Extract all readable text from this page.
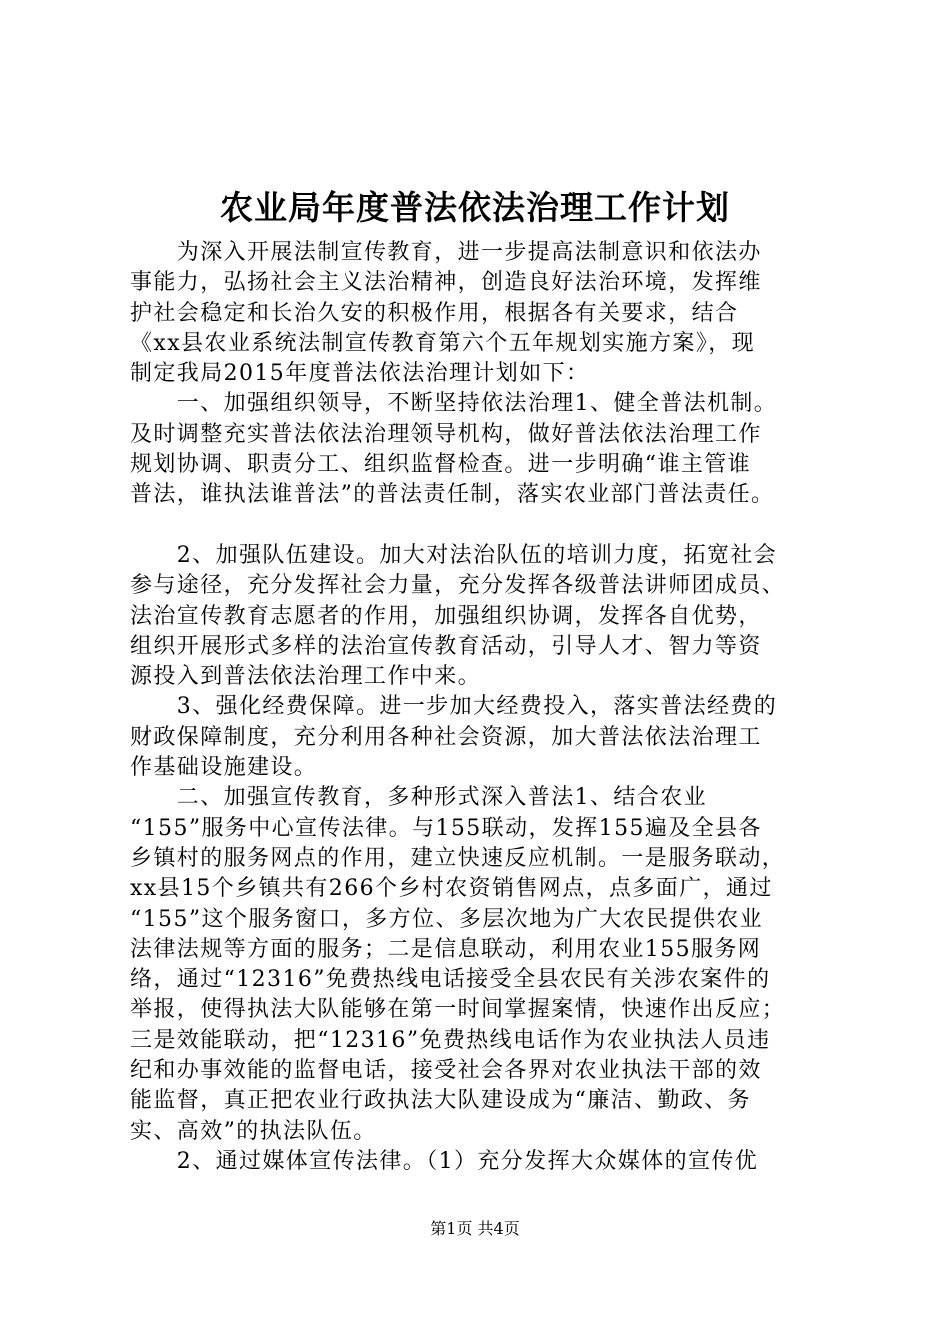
农业局年度普法依法治理工作计划
　　为深入开展法制宣传教育，进一步提高法制意识和依法办
事能力，弘扬社会主义法治精神，创造良好法治环境，发挥维
护社会稳定和长治久安的积极作用，根据各有关要求，结合
《xx县农业系统法制宣传教育第六个五年规划实施方案》，现
制定我局2015年度普法依法治理计划如下：
　　一、加强组织领导，不断坚持依法治理1、健全普法机制。
及时调整充实普法依法治理领导机构，做好普法依法治理工作
规划协调、职责分工、组织监督检查。进一步明确“谁主管谁
普法，谁执法谁普法”的普法责任制，落实农业部门普法责任。
　　2、加强队伍建设。加大对法治队伍的培训力度，拓宽社会
参与途径，充分发挥社会力量，充分发挥各级普法讲师团成员、
法治宣传教育志愿者的作用，加强组织协调，发挥各自优势，
组织开展形式多样的法治宣传教育活动，引导人才、智力等资
源投入到普法依法治理工作中来。
　　3、强化经费保障。进一步加大经费投入，落实普法经费的
财政保障制度，充分利用各种社会资源，加大普法依法治理工
作基础设施建设。
　　二、加强宣传教育，多种形式深入普法1、结合农业
“155”服务中心宣传法律。与155联动，发挥155遍及全县各
乡镇村的服务网点的作用，建立快速反应机制。一是服务联动，
xx县15个乡镇共有266个乡村农资销售网点，点多面广，通过
“155”这个服务窗口，多方位、多层次地为广大农民提供农业
法律法规等方面的服务；二是信息联动，利用农业155服务网
络，通过“12316”免费热线电话接受全县农民有关涉农案件的
举报，使得执法大队能够在第一时间掌握案情，快速作出反应；
三是效能联动，把“12316”免费热线电话作为农业执法人员违
纪和办事效能的监督电话，接受社会各界对农业执法干部的效
能监督，真正把农业行政执法大队建设成为“廉洁、勤政、务
实、高效”的执法队伍。
　　2、通过媒体宣传法律。（1）充分发挥大众媒体的宣传优
第1页 共4页
